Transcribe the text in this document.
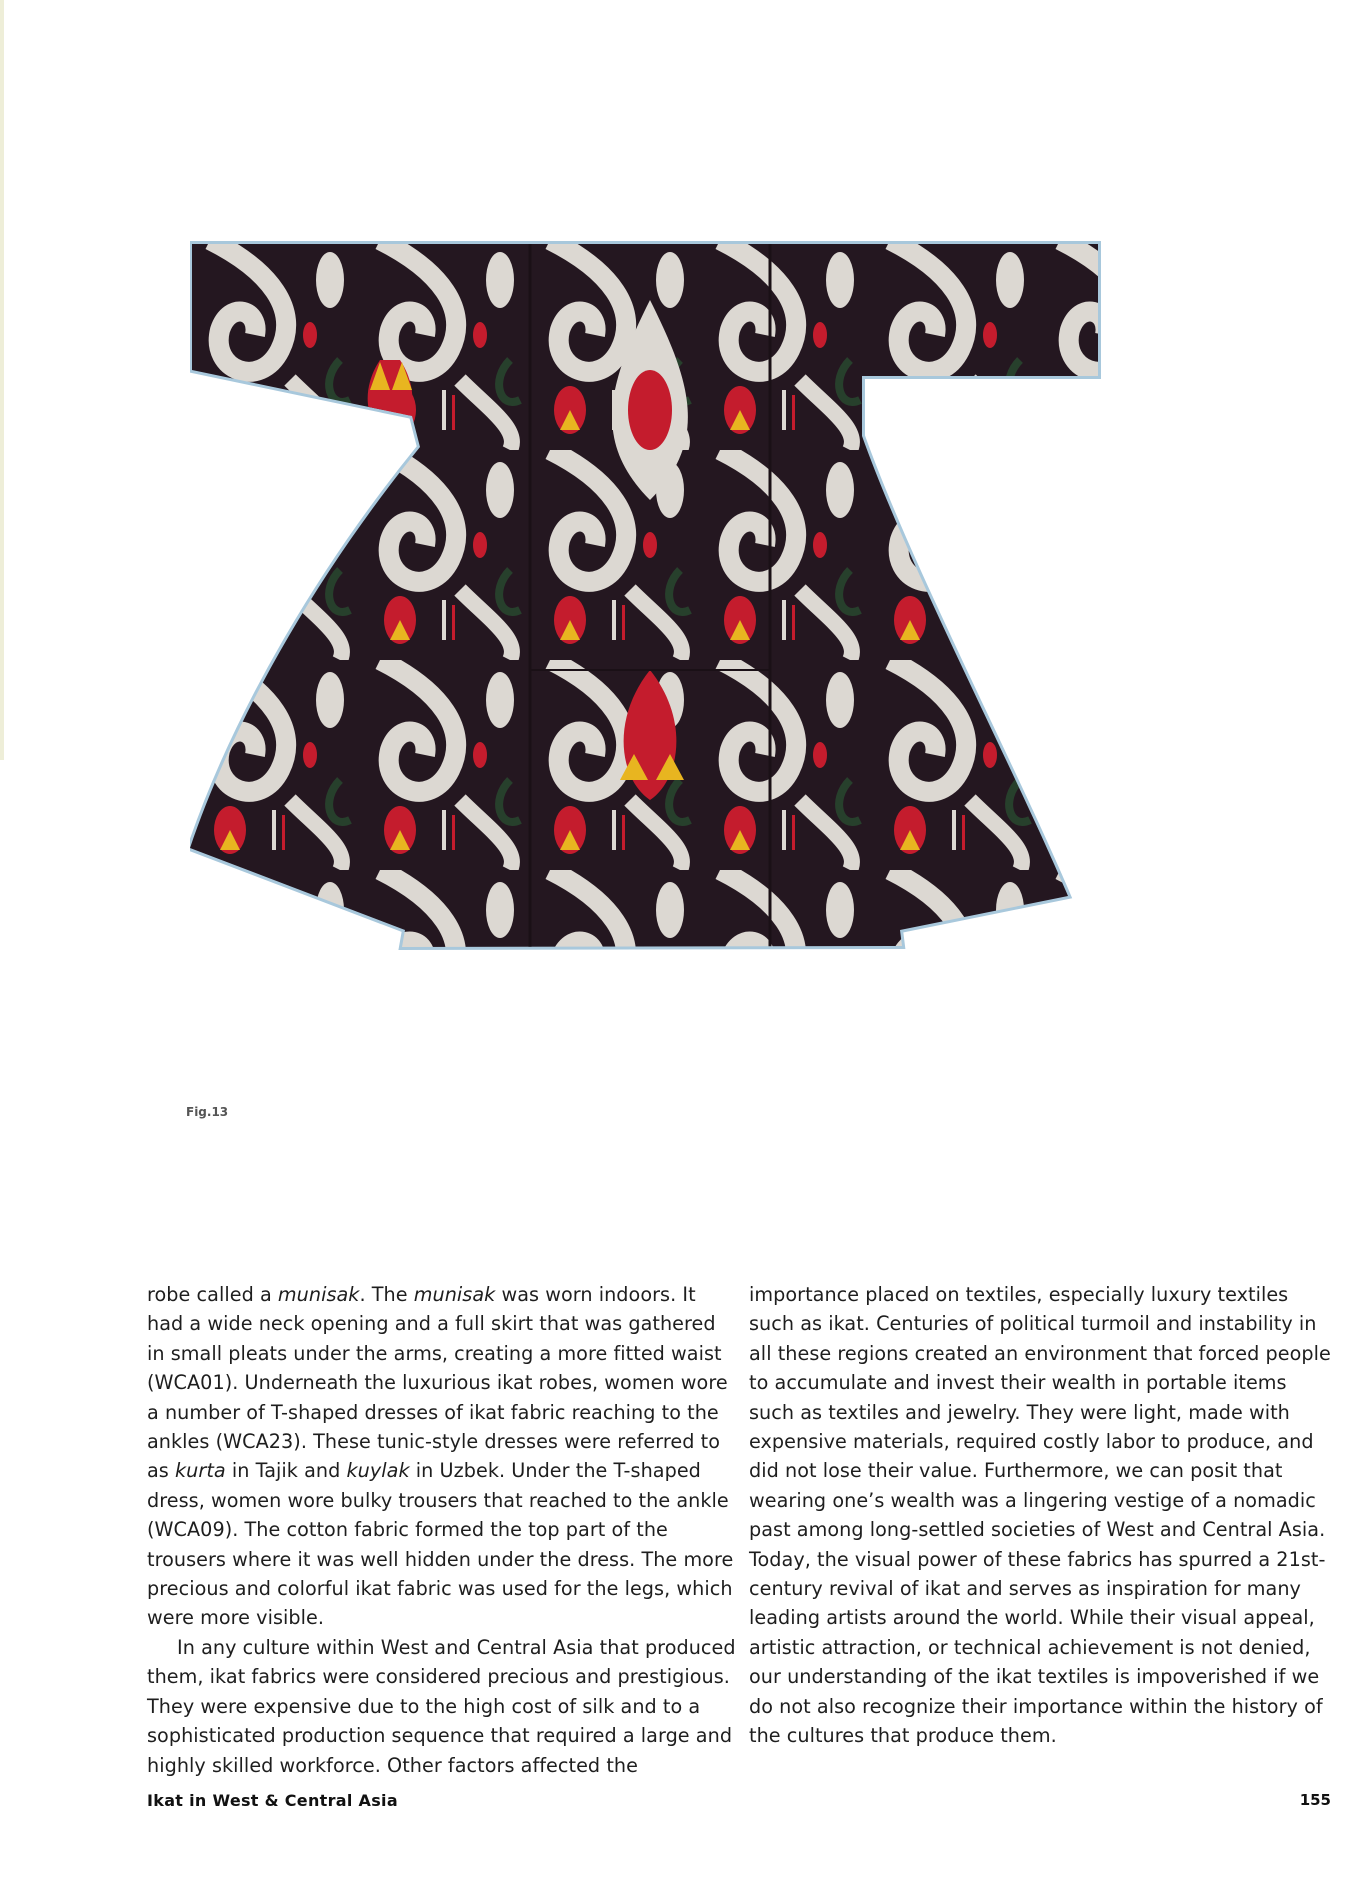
Fig.13

robe called a munisak. The munisak was worn indoors. It had a wide neck opening and a full skirt that was gathered in small pleats under the arms, creating a more fitted waist (WCA01). Underneath the luxurious ikat robes, women wore a number of T-shaped dresses of ikat fabric reaching to the ankles (WCA23). These tunic-style dresses were referred to as kurta in Tajik and kuylak in Uzbek. Under the T-shaped dress, women wore bulky trousers that reached to the ankle (WCA09). The cotton fabric formed the top part of the trousers where it was well hidden under the dress. The more precious and colorful ikat fabric was used for the legs, which were more visible.

In any culture within West and Central Asia that produced them, ikat fabrics were considered precious and prestigious. They were expensive due to the high cost of silk and to a sophisticated production sequence that required a large and highly skilled workforce. Other factors affected the

importance placed on textiles, especially luxury textiles such as ikat. Centuries of political turmoil and instability in all these regions created an environment that forced people to accumulate and invest their wealth in portable items such as textiles and jewelry. They were light, made with expensive materials, required costly labor to produce, and did not lose their value. Furthermore, we can posit that wearing one’s wealth was a lingering vestige of a nomadic past among long-settled societies of West and Central Asia. Today, the visual power of these fabrics has spurred a 21st-century revival of ikat and serves as inspiration for many leading artists around the world. While their visual appeal, artistic attraction, or technical achievement is not denied, our understanding of the ikat textiles is impoverished if we do not also recognize their importance within the history of the cultures that produce them.

Ikat in West & Central Asia	155
